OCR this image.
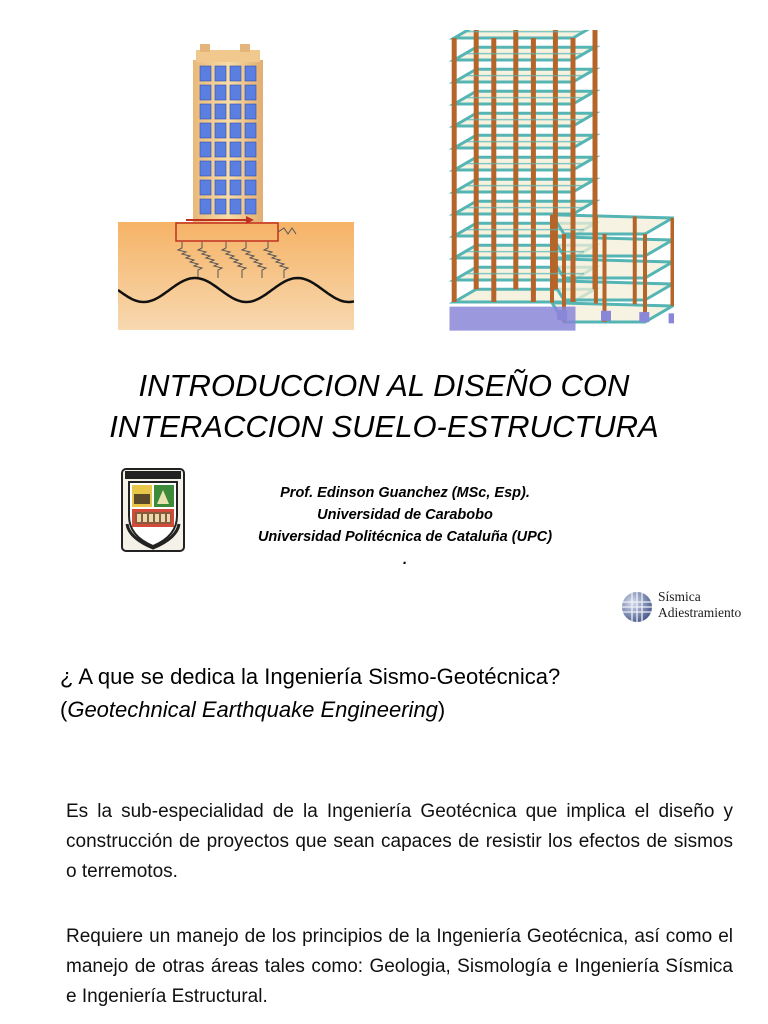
INTRODUCCION AL DISEÑO CON
INTERACCION SUELO-ESTRUCTURA
Prof. Edinson Guanchez (MSc, Esp).
Universidad de Carabobo
Universidad Politécnica de Cataluña (UPC)
.
Sísmica
Adiestramiento
¿ A que se dedica la Ingeniería Sismo-Geotécnica?
(Geotechnical Earthquake Engineering)
Es la sub-especialidad de la Ingeniería Geotécnica que implica el diseño y construcción de proyectos que sean capaces de resistir los efectos de sismos o terremotos.
Requiere un manejo de los principios de la Ingeniería Geotécnica, así como el manejo de otras áreas tales como: Geologia, Sismología e Ingeniería Sísmica e Ingeniería Estructural.
